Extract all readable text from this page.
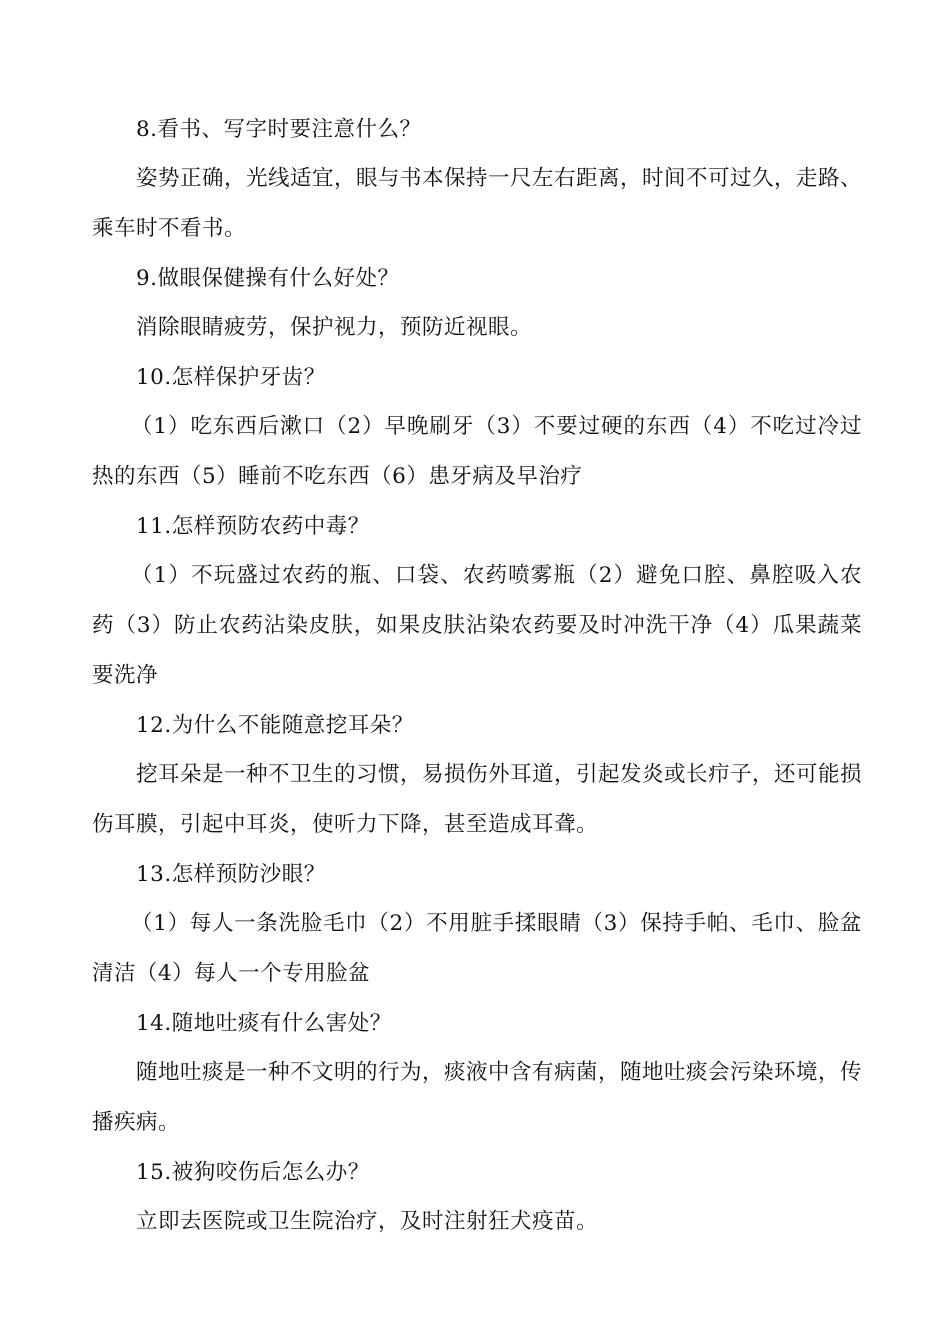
8.看书、写字时要注意什么？

姿势正确，光线适宜，眼与书本保持一尺左右距离，时间不可过久，走路、乘车时不看书。

9.做眼保健操有什么好处？

消除眼睛疲劳，保护视力，预防近视眼。

10.怎样保护牙齿？

（1）吃东西后漱口（2）早晚刷牙（3）不要过硬的东西（4）不吃过冷过热的东西（5）睡前不吃东西（6）患牙病及早治疗

11.怎样预防农药中毒？

（1）不玩盛过农药的瓶、口袋、农药喷雾瓶（2）避免口腔、鼻腔吸入农药（3）防止农药沾染皮肤，如果皮肤沾染农药要及时冲洗干净（4）瓜果蔬菜要洗净

12.为什么不能随意挖耳朵？

挖耳朵是一种不卫生的习惯，易损伤外耳道，引起发炎或长疖子，还可能损伤耳膜，引起中耳炎，使听力下降，甚至造成耳聋。

13.怎样预防沙眼？

（1）每人一条洗脸毛巾（2）不用脏手揉眼睛（3）保持手帕、毛巾、脸盆清洁（4）每人一个专用脸盆

14.随地吐痰有什么害处？

随地吐痰是一种不文明的行为，痰液中含有病菌，随地吐痰会污染环境，传播疾病。

15.被狗咬伤后怎么办？

立即去医院或卫生院治疗，及时注射狂犬疫苗。
